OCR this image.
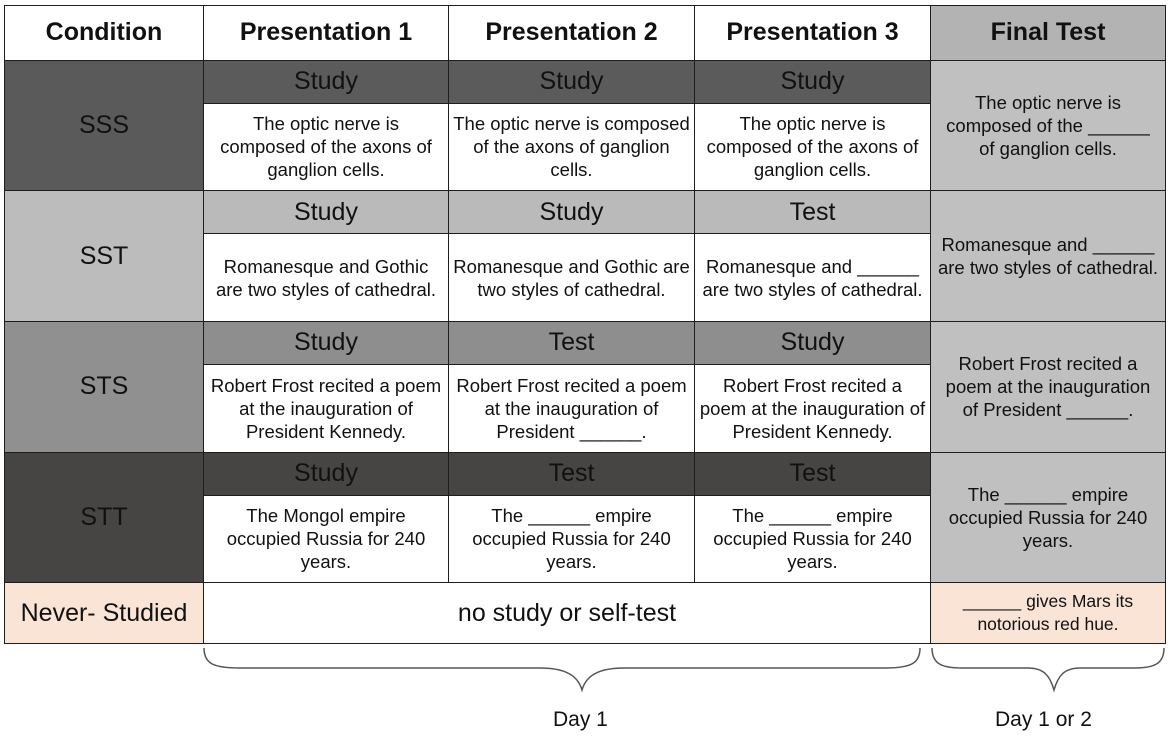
Condition	Presentation 1	Presentation 2	Presentation 3	Final Test
SSS	Study	Study	Study	The optic nerve is composed of the ______ of ganglion cells.
	The optic nerve is composed of the axons of ganglion cells.	The optic nerve is composed of the axons of ganglion cells.	The optic nerve is composed of the axons of ganglion cells.	
SST	Study	Study	Test	Romanesque and ______ are two styles of cathedral.
	Romanesque and Gothic are two styles of cathedral.	Romanesque and Gothic are two styles of cathedral.	Romanesque and ______ are two styles of cathedral.	
STS	Study	Test	Study	Robert Frost recited a poem at the inauguration of President ______.
	Robert Frost recited a poem at the inauguration of President Kennedy.	Robert Frost recited a poem at the inauguration of President ______.	Robert Frost recited a poem at the inauguration of President Kennedy.	
STT	Study	Test	Test	The ______ empire occupied Russia for 240 years.
	The Mongol empire occupied Russia for 240 years.	The ______ empire occupied Russia for 240 years.	The ______ empire occupied Russia for 240 years.	
Never- Studied	no study or self-test			______ gives Mars its notorious red hue.
Day 1	Day 1 or 2
